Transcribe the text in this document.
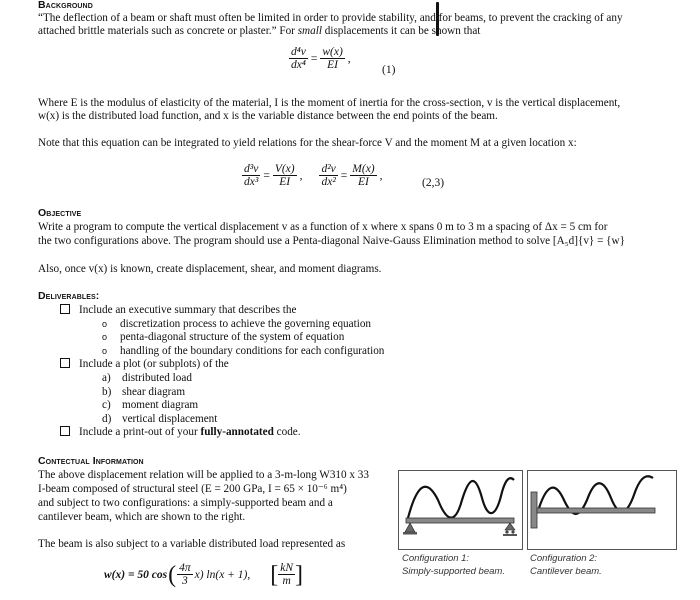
Background

“The deflection of a beam or shaft must often be limited in order to provide stability, and for beams, to prevent the cracking of any

attached brittle materials such as concrete or plaster.” For small displacements it can be shown that

$\frac{\text{d⁴v}}{\text{dx⁴}} = \frac{w(x)}{EI}$ ,
(1)

Where E is the modulus of elasticity of the material, I is the moment of inertia for the cross-section, v is the vertical displacement,

w(x) is the distributed load function, and x is the variable distance between the end points of the beam.

Note that this equation can be integrated to yield relations for the shear-force V and the moment M at a given location x:

$\frac{\text{d³v}}{\text{dx³}} = \frac{V(x)}{EI}$ , $\frac{\text{d²v}}{\text{dx²}} = \frac{M(x)}{EI}$ ,
(2,3)
Objective

Write a program to compute the vertical displacement v as a function of x where x spans 0 m to 3 m a spacing of Δx = 5 cm for

the two configurations above. The program should use a Penta-diagonal Naive-Gauss Elimination method to solve [A₅d]{v} = {w}

Also, once v(x) is known, create displacement, shear, and moment diagrams.

Deliverables:
Include an executive summary that describes the
o discretization process to achieve the governing equation
o penta-diagonal structure of the system of equation
o handling of the boundary conditions for each configuration
Include a plot (or subplots) of the
a) distributed load
b) shear diagram
c) moment diagram
d) vertical displacement
Include a print-out of your fully-annotated code.
Contectual Information

The above displacement relation will be applied to a 3-m-long W310 x 33

I-beam composed of structural steel (E = 200 GPa, I = 65 × 10⁻⁶ m⁴)

and subject to two configurations: a simply-supported beam and a

cantilever beam, which are shown to the right.

The beam is also subject to a variable distributed load represented as

w(x) = 50 cos ( $\frac{4\pi}{3} x$) ln(x + 1), [ $\frac{kN}{m}$ ]
Configuration 1:
Simply-supported beam.
Configuration 2:
Cantilever beam.
